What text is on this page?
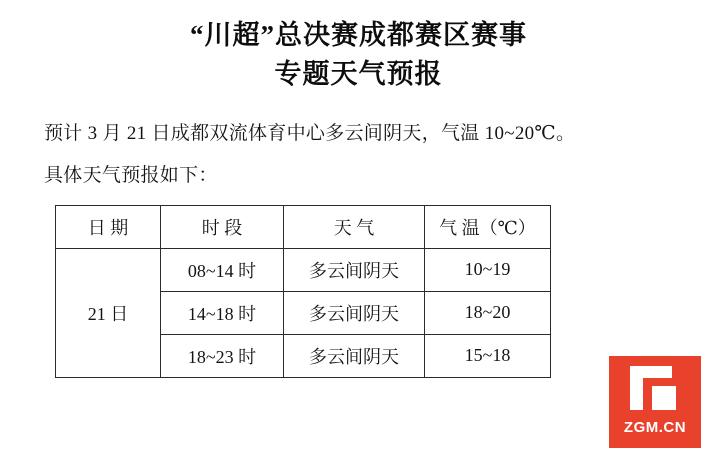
“川超”总决赛成都赛区赛事
专题天气预报
预计 3 月 21 日成都双流体育中心多云间阴天，气温 10~20℃。
具体天气预报如下：
日 期	时 段	天 气	气 温（℃）
21 日	08~14 时	多云间阴天	10~19
	14~18 时	多云间阴天	18~20
	18~23 时	多云间阴天	15~18
ZGM.CN
